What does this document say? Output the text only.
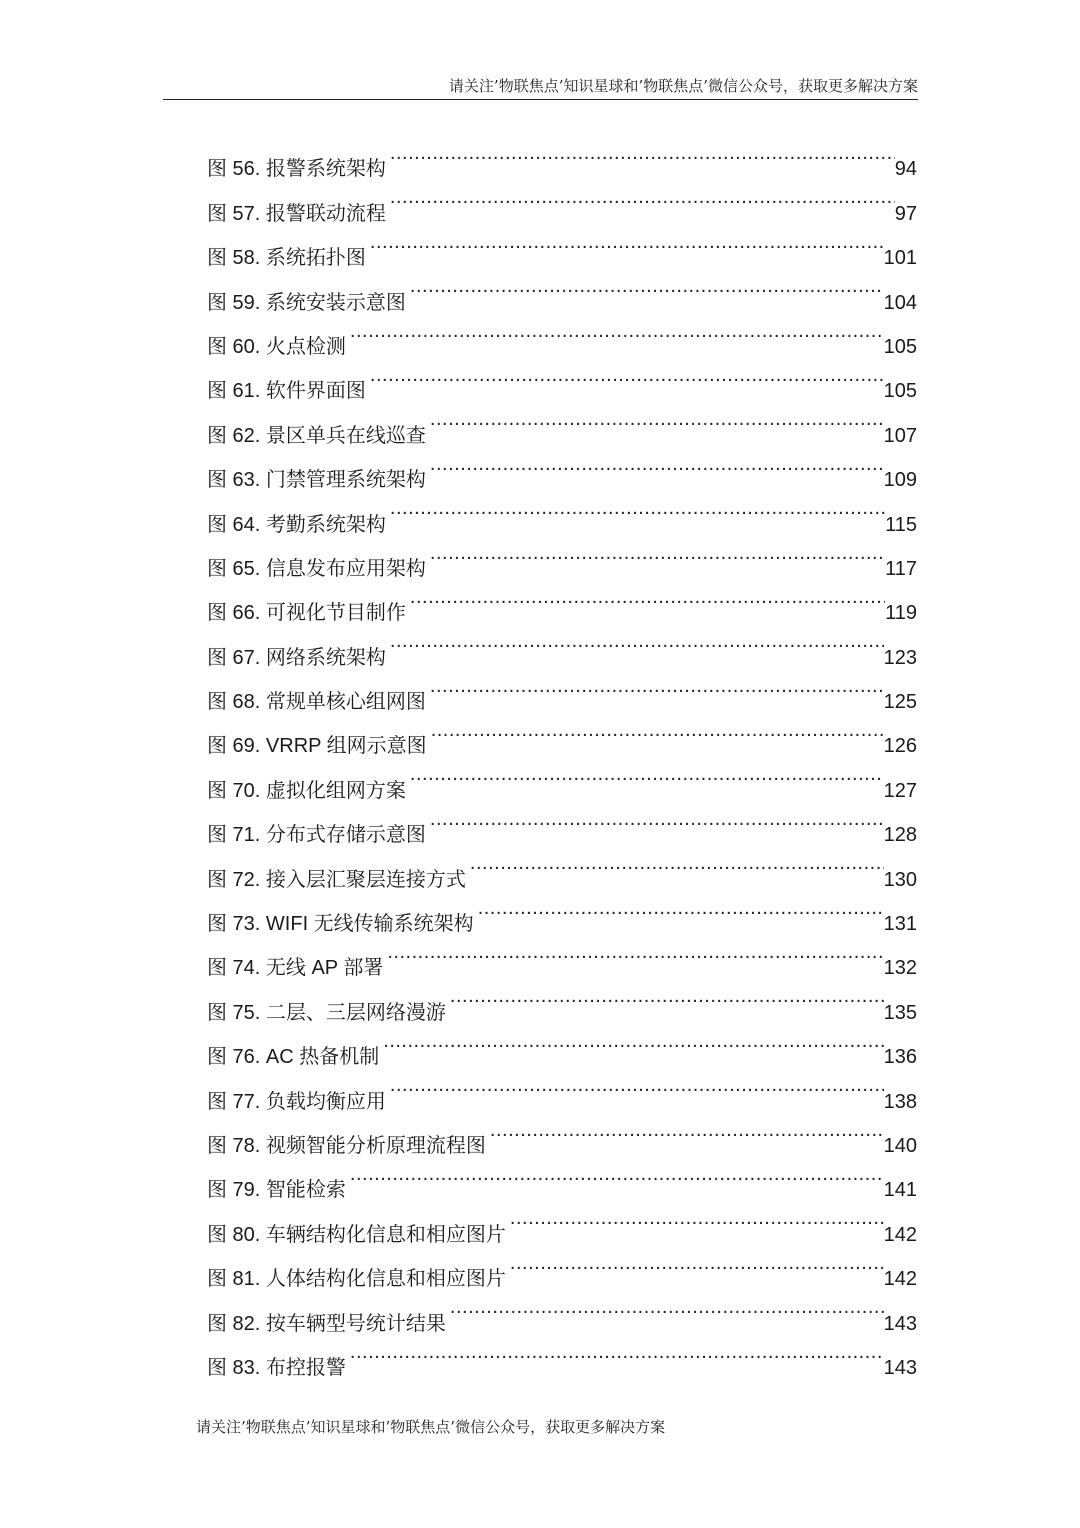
请关注’物联焦点’知识星球和’物联焦点’微信公众号，获取更多解决方案
图 56. 报警系统架构 .....	94
图 57. 报警联动流程 .....	97
图 58. 系统拓扑图 .....	101
图 59. 系统安装示意图 .....	104
图 60. 火点检测 .....	105
图 61. 软件界面图 .....	105
图 62. 景区单兵在线巡查 .....	107
图 63. 门禁管理系统架构 .....	109
图 64. 考勤系统架构 .....	115
图 65. 信息发布应用架构 .....	117
图 66. 可视化节目制作 .....	119
图 67. 网络系统架构 .....	123
图 68. 常规单核心组网图 .....	125
图 69. VRRP 组网示意图 .....	126
图 70. 虚拟化组网方案 .....	127
图 71. 分布式存储示意图 .....	128
图 72. 接入层汇聚层连接方式 .....	130
图 73. WIFI 无线传输系统架构 .....	131
图 74. 无线 AP 部署 .....	132
图 75. 二层、三层网络漫游 .....	135
图 76. AC 热备机制 .....	136
图 77. 负载均衡应用 .....	138
图 78. 视频智能分析原理流程图 .....	140
图 79. 智能检索 .....	141
图 80. 车辆结构化信息和相应图片 .....	142
图 81. 人体结构化信息和相应图片 .....	142
图 82. 按车辆型号统计结果 .....	143
图 83. 布控报警 .....	143
请关注’物联焦点’知识星球和’物联焦点’微信公众号，获取更多解决方案
